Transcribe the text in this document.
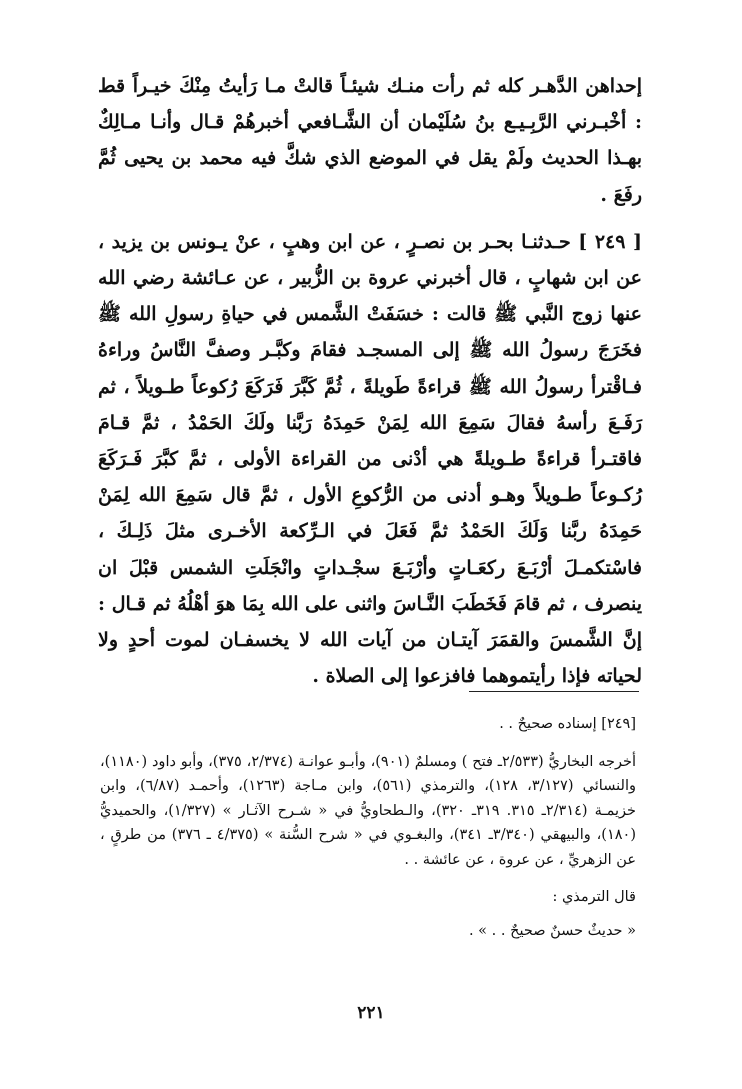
إحداهن الدَّهـر كله ثم رأت منـك شيئـاً قالتْ مـا رَأيتُ مِنْكَ خيـراً قط : أخْبـرني الرَّبِـيـع بنُ سُلَيْمان أن الشَّـافعي أخبرهُمْ قـال وأنـا مـالِكٌ بهـذا الحديث ولَمْ يقل في الموضع الذي شكَّ فيه محمد بن يحيى ثُمَّ رفَعَ .

[ ٢٤٩ ] حـدثنـا بحـر بن نصـرٍ ، عن ابن وهبٍ ، عنْ يـونس بن يزيد ، عن ابن شهابٍ ، قال أخبرني عروة بن الزُّبير ، عن عـائشة رضي الله عنها زوج النَّبي ﷺ قالت : خسَفَتْ الشَّمس في حياةِ رسولِ الله ﷺ فخَرَجَ رسولُ الله ﷺ إلى المسجـد فقامَ وكبَّـر وصفَّ النَّاسُ وراءهُ فـاقْترأ رسولُ الله ﷺ قراءةً طَويلةً ، ثُمَّ كَبَّرَ فَرَكَعَ رُكوعاً طـويلاً ، ثم رَفَـعَ رأسهُ فقالَ سَمِعَ الله لِمَنْ حَمِدَهُ رَبَّنا ولَكَ الحَمْدُ ، ثمَّ قـامَ فاقتـرأ قراءةً طـويلةً هي أدْنى من القراءة الأولى ، ثمَّ كبَّرَ فَـرَكَعَ رُكـوعاً طـويلاً وهـو أدنى من الرُّكوعِ الأول ، ثمَّ قال سَمِعَ الله لِمَنْ حَمِدَهُ ربَّنا وَلَكَ الحَمْدُ ثمَّ فَعَلَ في الـرِّكعة الأخـرى مثلَ ذَلِـكَ ، فاسْتكمـلَ أرْبَـعَ ركعَـاتٍ وأرْبَـعَ سجْـداتٍ وانْجَلَتِ الشمس قبْلَ ان ينصرف ، ثم قامَ فَخَطَبَ النَّـاسَ واثنى على الله بِمَا هوَ أهْلُهُ ثم قـال : إنَّ الشَّمسَ والقمَرَ آيتـان من آيات الله لا يخسفـان لموت أحدٍ ولا لحياته فإذا رأيتموهما فافزعوا إلى الصلاة .

[٢٤٩] إسناده صحيحٌ . .

أخرجه البخاريُّ (٢/٥٣٣ـ فتح ) ومسلمٌ (٩٠١)، وأبـو عوانـة (٢/٣٧٤، ٣٧٥)، وأبو داود (١١٨٠)، والنسائي (٣/١٢٧، ١٢٨)، والترمذي (٥٦١)، وابن مـاجة (١٢٦٣)، وأحمـد (٦/٨٧)، وابن خزيمـة (٢/٣١٤ـ ٣١٥. ٣١٩ـ ٣٢٠)، والـطحاويُّ في « شـرح الآثـار » (١/٣٢٧)، والحميديُّ (١٨٠)، والبيهقي (٣/٣٤٠ـ ٣٤١)، والبغـوي في « شرح السُّنة » (٤/٣٧٥ ـ ٣٧٦) من طرقٍ ، عن الزهريِّ ، عن عروة ، عن عائشة . .

قال الترمذي :

« حديثٌ حسنٌ صحيحٌ . . » .

٢٢١
